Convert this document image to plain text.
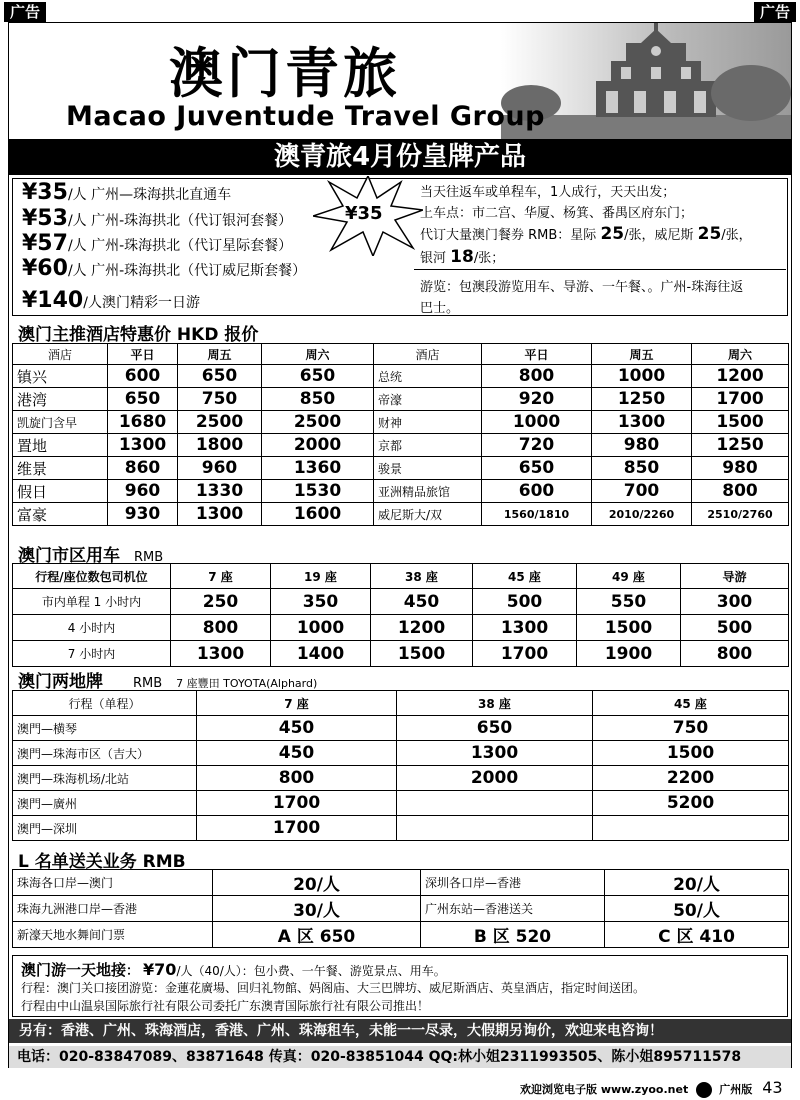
广告	广告
澳门青旅
Macao Juventude Travel Group
澳青旅4月份皇牌产品
¥35/人 广州—珠海拱北直通车
¥53/人 广州-珠海拱北（代订银河套餐）
¥57/人 广州-珠海拱北（代订星际套餐）
¥60/人 广州-珠海拱北（代订威尼斯套餐）
¥140/人澳门精彩一日游
¥35
当天往返车或单程车，1人成行，天天出发；
上车点：市二宫、华厦、杨箕、番禺区府东门；
代订大量澳门餐券 RMB：星际 25/张，威尼斯 25/张，
银河 18/张；
游览：包澳段游览用车、导游、一午餐、。广州-珠海往返
巴士。
澳门主推酒店特惠价 HKD 报价
酒店	平日	周五	周六	酒店	平日	周五	周六
镇兴	600	650	650	总统	800	1000	1200
港湾	650	750	850	帝濠	920	1250	1700
凯旋门含早	1680	2500	2500	财神	1000	1300	1500
置地	1300	1800	2000	京都	720	980	1250
维景	860	960	1360	骏景	650	850	980
假日	960	1330	1530	亚洲精品旅馆	600	700	800
富豪	930	1300	1600	威尼斯大/双	1560/1810	2010/2260	2510/2760
澳门市区用车 RMB
行程/座位数包司机位	7 座	19 座	38 座	45 座	49 座	导游
市内单程 1 小时内	250	350	450	500	550	300
4 小时内	800	1000	1200	1300	1500	500
7 小时内	1300	1400	1500	1700	1900	800
澳门两地牌 RMB 7 座豐田 TOYOTA(Alphard)
行程（单程）	7 座	38 座	45 座
澳門—横琴	450	650	750
澳門—珠海市区（吉大）	450	1300	1500
澳門—珠海机场/北站	800	2000	2200
澳門—廣州	1700		5200
澳門—深圳	1700		
L 名单送关业务 RMB
珠海各口岸—澳门	20/人	深圳各口岸—香港	20/人
珠海九洲港口岸—香港	30/人	广州东站—香港送关	50/人
新濠天地水舞间门票	A 区 650	B 区 520	C 区 410
澳门游一天地接： ¥70/人（40/人）：包小费、一午餐、游览景点、用车。
行程：澳门关口接团游览：金蓮花廣場、回归礼物館、妈阁庙、大三巴牌坊、威尼斯酒店、英皇酒店，指定时间送团。
行程由中山温泉国际旅行社有限公司委托广东澳青国际旅行社有限公司推出！
另有：香港、广州、珠海酒店，香港、广州、珠海租车，未能一一尽录，大假期另询价，欢迎来电咨询！
电话：020-83847089、83871648 传真：020-83851044 QQ:林小姐2311993505、陈小姐895711578
欢迎浏览电子版 www.zyoo.net	广州版 43
